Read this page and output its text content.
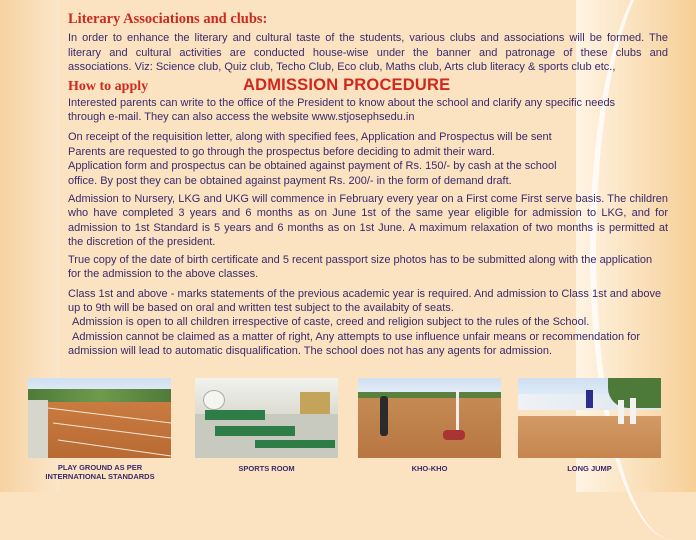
Literary Associations and clubs:

In order to enhance the literary and cultural taste of the students, various clubs and associations will be formed. The

literary and cultural activities are conducted house-wise under the banner and patronage of these clubs and

associations. Viz: Science club, Quiz club, Techo Club, Eco club, Maths club, Arts club literacy & sports club etc.,

How to apply	ADMISSION PROCEDURE

Interested parents can write to the office of the President to know about the school and clarify any specific needs

through e-mail. They can also access the website www.stjosephsedu.in

On receipt of the requisition letter, along with specified fees, Application and Prospectus will be sent

Parents are requested to go through the prospectus before deciding to admit their ward.

Application form and prospectus can be obtained against payment of Rs. 150/- by cash at the school

office. By post they can be obtained against payment Rs. 200/- in the form of demand draft.

Admission to Nursery, LKG and UKG will commence in February every year on a First come First serve basis. The children

who have completed 3 years and 6 months as on June 1st of the same year eligible for admission to LKG, and for

admission to 1st Standard is 5 years and 6 months as on 1st June. A maximum relaxation of two months is permitted at

the discretion of the president.

True copy of the date of birth certificate and 5 recent passport size photos has to be submitted along with the application

for the admission to the above classes.

Class 1st and above - marks statements of the previous academic year is required. And admission to Class 1st and above

up to 9th will be based on oral and written test subject to the availabity of seats.

Admission is open to all children irrespective of caste, creed and religion subject to the rules of the School.

Admission cannot be claimed as a matter of right, Any attempts to use influence unfair means or recommendation for

admission will lead to automatic disqualification. The school does not has any agents for admission.

PLAY GROUND AS PER
INTERNATIONAL STANDARDS
SPORTS ROOM	KHO-KHO	LONG JUMP
